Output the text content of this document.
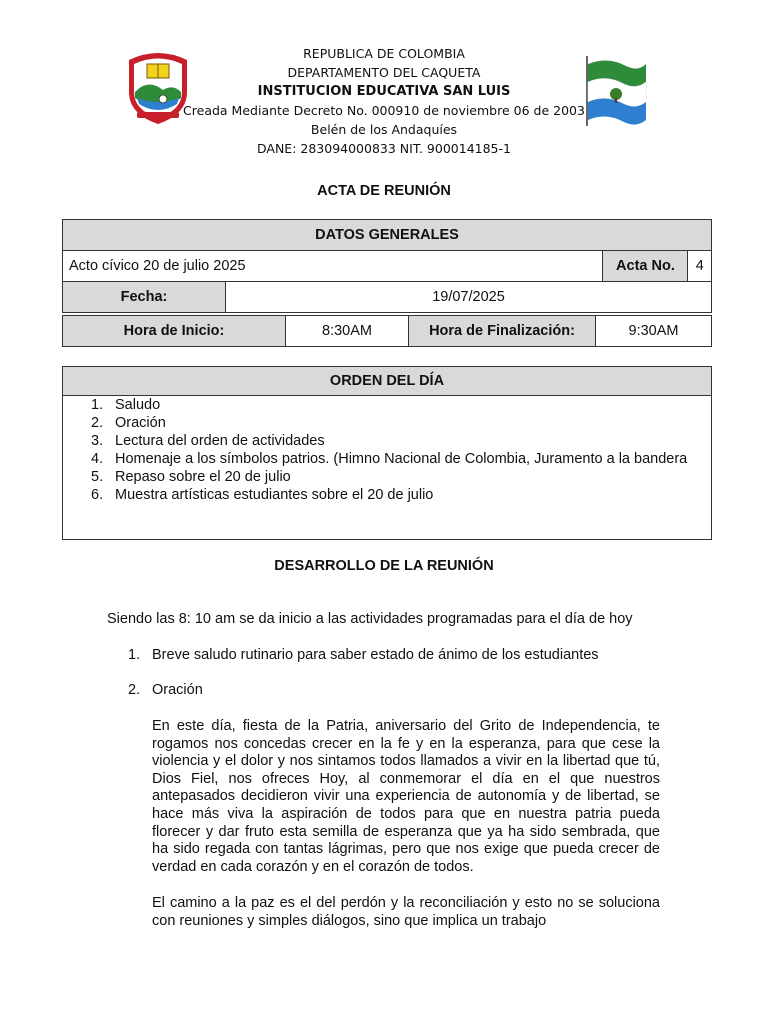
REPUBLICA DE COLOMBIA
DEPARTAMENTO DEL CAQUETA
INSTITUCION EDUCATIVA SAN LUIS
Creada Mediante Decreto No. 000910 de noviembre 06 de 2003
Belén de los Andaquíes
DANE: 283094000833 NIT. 900014185-1
ACTA DE REUNIÓN
DATOS GENERALES			
Acto cívico 20 de julio 2025		Acta No.	4
Fecha:	19/07/2025		
Hora de Inicio:	8:30AM	Hora de Finalización:	9:30AM
ORDEN DEL DÍA
1. Saludo
2. Oración
3. Lectura del orden de actividades
4. Homenaje a los símbolos patrios. (Himno Nacional de Colombia, Juramento a la bandera
5. Repaso sobre el 20 de julio
6. Muestra artísticas estudiantes sobre el 20 de julio
DESARROLLO DE LA REUNIÓN
Siendo las 8: 10 am se da inicio a las actividades programadas para el día de hoy
1. Breve saludo rutinario para saber estado de ánimo de los estudiantes
2. Oración
En este día, fiesta de la Patria, aniversario del Grito de Independencia, te rogamos nos concedas crecer en la fe y en la esperanza, para que cese la violencia y el dolor y nos sintamos todos llamados a vivir en la libertad que tú, Dios Fiel, nos ofreces Hoy, al conmemorar el día en el que nuestros antepasados decidieron vivir una experiencia de autonomía y de libertad, se hace más viva la aspiración de todos para que en nuestra patria pueda florecer y dar fruto esta semilla de esperanza que ya ha sido sembrada, que ha sido regada con tantas lágrimas, pero que nos exige que pueda crecer de verdad en cada corazón y en el corazón de todos.
El camino a la paz es el del perdón y la reconciliación y esto no se soluciona con reuniones y simples diálogos, sino que implica un trabajo
